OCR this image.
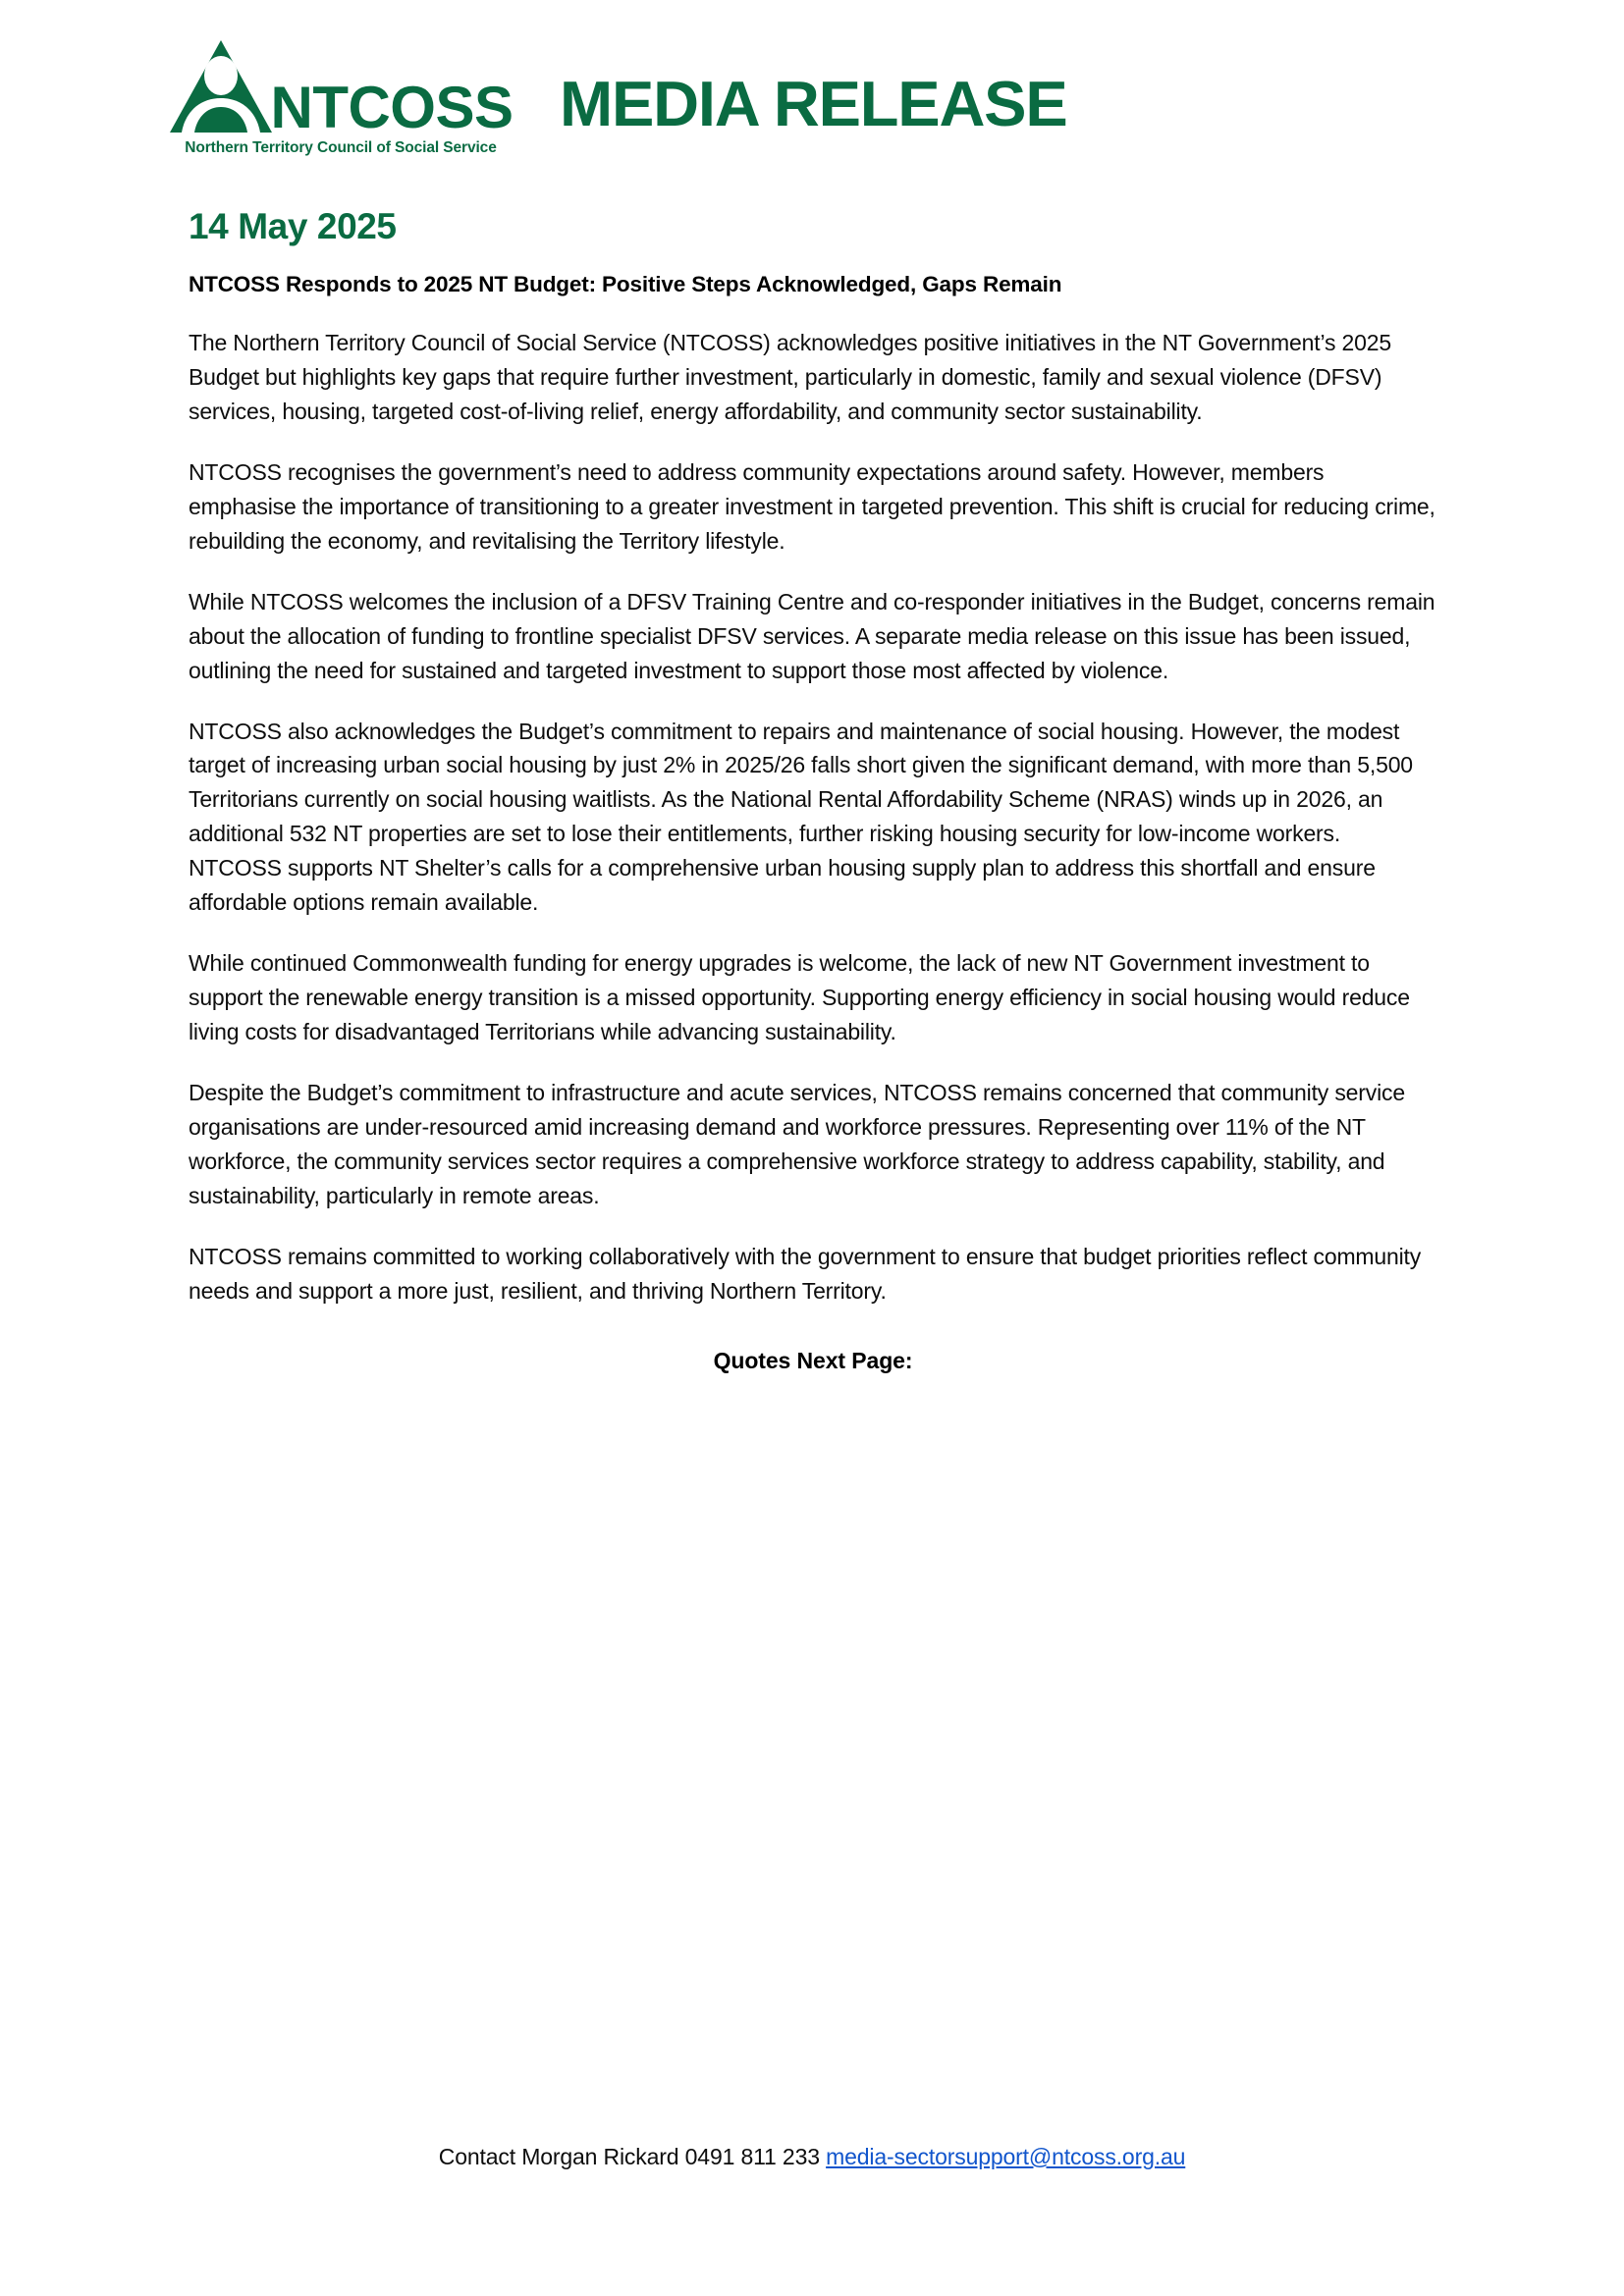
NTCOSS
Northern Territory Council of Social Service
MEDIA RELEASE
14 May 2025
NTCOSS Responds to 2025 NT Budget: Positive Steps Acknowledged, Gaps Remain

The Northern Territory Council of Social Service (NTCOSS) acknowledges positive initiatives in the NT Government’s 2025 Budget but highlights key gaps that require further investment, particularly in domestic, family and sexual violence (DFSV) services, housing, targeted cost-of-living relief, energy affordability, and community sector sustainability.

NTCOSS recognises the government’s need to address community expectations around safety. However, members emphasise the importance of transitioning to a greater investment in targeted prevention. This shift is crucial for reducing crime, rebuilding the economy, and revitalising the Territory lifestyle.

While NTCOSS welcomes the inclusion of a DFSV Training Centre and co-responder initiatives in the Budget, concerns remain about the allocation of funding to frontline specialist DFSV services. A separate media release on this issue has been issued, outlining the need for sustained and targeted investment to support those most affected by violence.

NTCOSS also acknowledges the Budget’s commitment to repairs and maintenance of social housing. However, the modest target of increasing urban social housing by just 2% in 2025/26 falls short given the significant demand, with more than 5,500 Territorians currently on social housing waitlists. As the National Rental Affordability Scheme (NRAS) winds up in 2026, an additional 532 NT properties are set to lose their entitlements, further risking housing security for low-income workers. NTCOSS supports NT Shelter’s calls for a comprehensive urban housing supply plan to address this shortfall and ensure affordable options remain available.

While continued Commonwealth funding for energy upgrades is welcome, the lack of new NT Government investment to support the renewable energy transition is a missed opportunity. Supporting energy efficiency in social housing would reduce living costs for disadvantaged Territorians while advancing sustainability.

Despite the Budget’s commitment to infrastructure and acute services, NTCOSS remains concerned that community service organisations are under-resourced amid increasing demand and workforce pressures. Representing over 11% of the NT workforce, the community services sector requires a comprehensive workforce strategy to address capability, stability, and sustainability, particularly in remote areas.

NTCOSS remains committed to working collaboratively with the government to ensure that budget priorities reflect community needs and support a more just, resilient, and thriving Northern Territory.

Quotes Next Page:
Contact Morgan Rickard 0491 811 233 media-sectorsupport@ntcoss.org.au
